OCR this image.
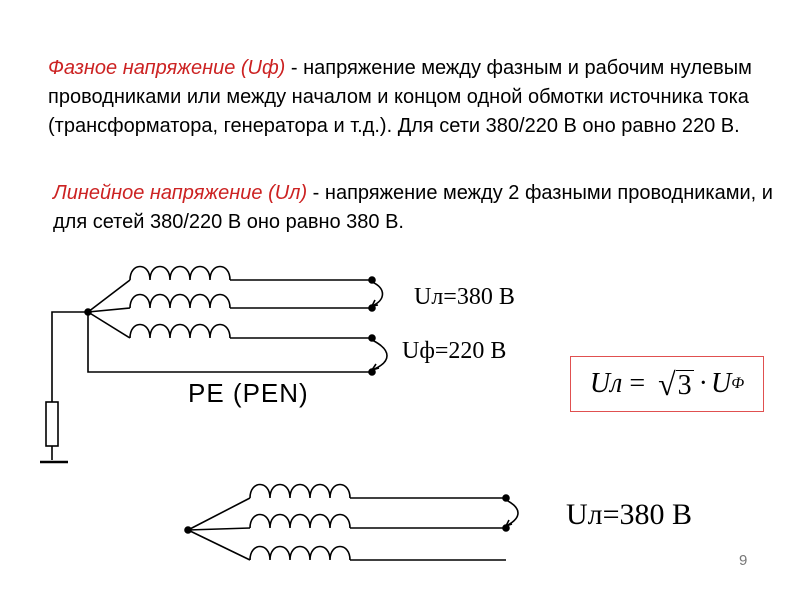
Фазное напряжение (Uф) - напряжение между фазным и рабочим нулевым проводниками или между началом и концом одной обмотки источника тока (трансформатора, генератора и т.д.). Для сети 380/220 В оно равно 220 В.

Линейное напряжение (Uл) - напряжение между 2 фазными проводниками, и для сетей 380/220 В оно равно 380 В.

Uл=380 В
Uф=220 В
PE (PEN)
Uл=380 В
Uл = √ 3 · U Ф
9
